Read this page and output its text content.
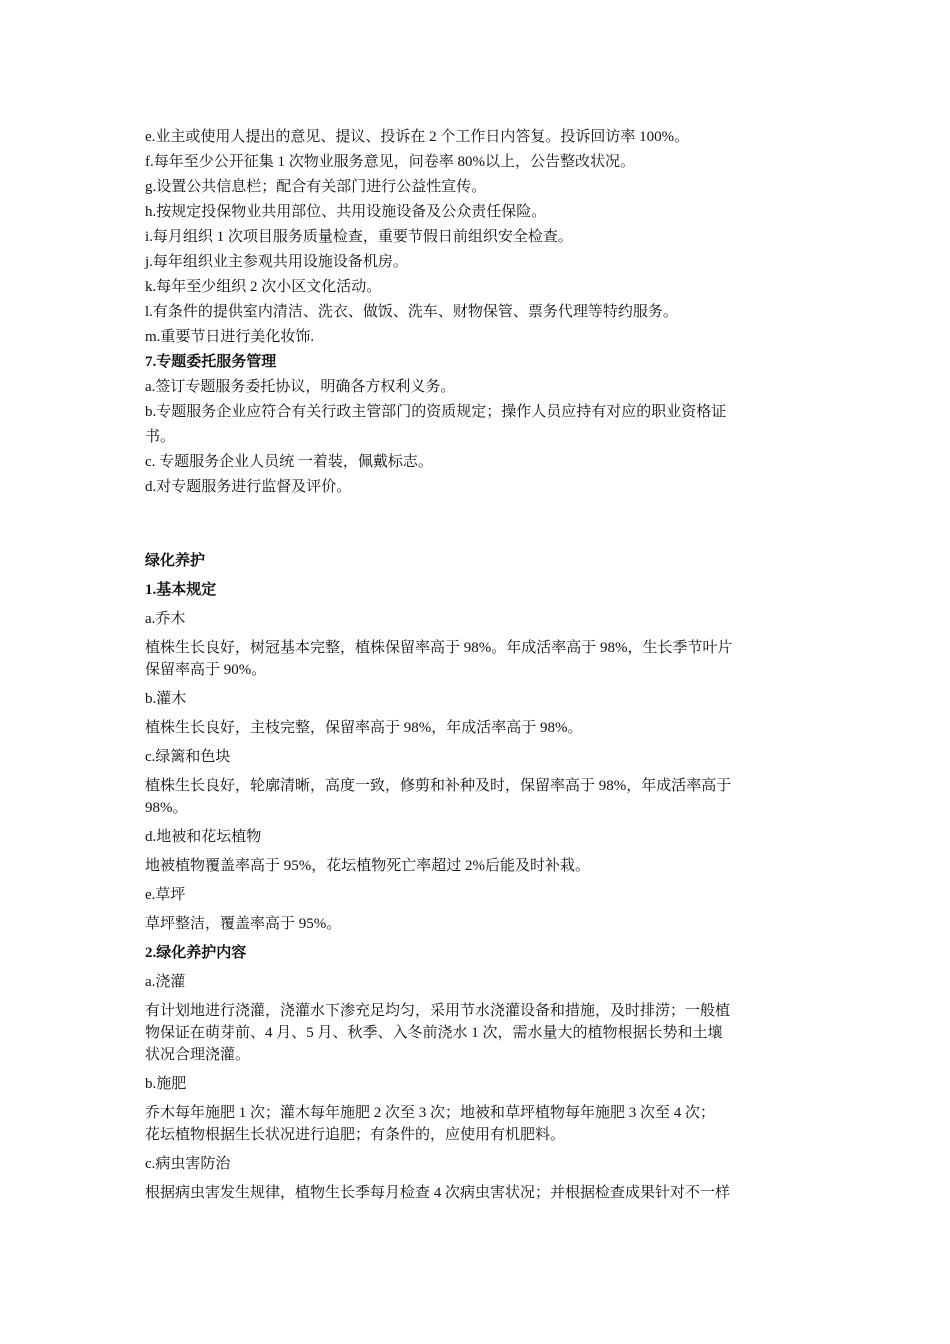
e.业主或使用人提出的意见、提议、投诉在 2 个工作日内答复。投诉回访率 100%。

f.每年至少公开征集 1 次物业服务意见，问卷率 80%以上，公告整改状况。

g.设置公共信息栏；配合有关部门进行公益性宣传。

h.按规定投保物业共用部位、共用设施设备及公众责任保险。

i.每月组织 1 次项目服务质量检查，重要节假日前组织安全检查。

j.每年组织业主参观共用设施设备机房。

k.每年至少组织 2 次小区文化活动。

l.有条件的提供室内清洁、洗衣、做饭、洗车、财物保管、票务代理等特约服务。

m.重要节日进行美化妆饰.

7.专题委托服务管理

a.签订专题服务委托协议，明确各方权利义务。

b.专题服务企业应符合有关行政主管部门的资质规定；操作人员应持有对应的职业资格证

书。

c. 专题服务企业人员统 一着装，佩戴标志。

d.对专题服务进行监督及评价。

绿化养护

1.基本规定

a.乔木

植株生长良好，树冠基本完整，植株保留率高于 98%。年成活率高于 98%，生长季节叶片

保留率高于 90%。

b.灌木

植株生长良好，主枝完整，保留率高于 98%，年成活率高于 98%。

c.绿篱和色块

植株生长良好，轮廓清晰，高度一致，修剪和补种及时，保留率高于 98%，年成活率高于

98%。

d.地被和花坛植物

地被植物覆盖率高于 95%，花坛植物死亡率超过 2%后能及时补栽。

e.草坪

草坪整洁，覆盖率高于 95%。

2.绿化养护内容

a.浇灌

有计划地进行浇灌，浇灌水下渗充足均匀，采用节水浇灌设备和措施，及时排涝；一般植

物保证在萌芽前、4 月、5 月、秋季、入冬前浇水 1 次，需水量大的植物根据长势和土壤

状况合理浇灌。

b.施肥

乔木每年施肥 1 次；灌木每年施肥 2 次至 3 次；地被和草坪植物每年施肥 3 次至 4 次；

花坛植物根据生长状况进行追肥；有条件的，应使用有机肥料。

c.病虫害防治

根据病虫害发生规律，植物生长季每月检查 4 次病虫害状况；并根据检查成果针对不一样
